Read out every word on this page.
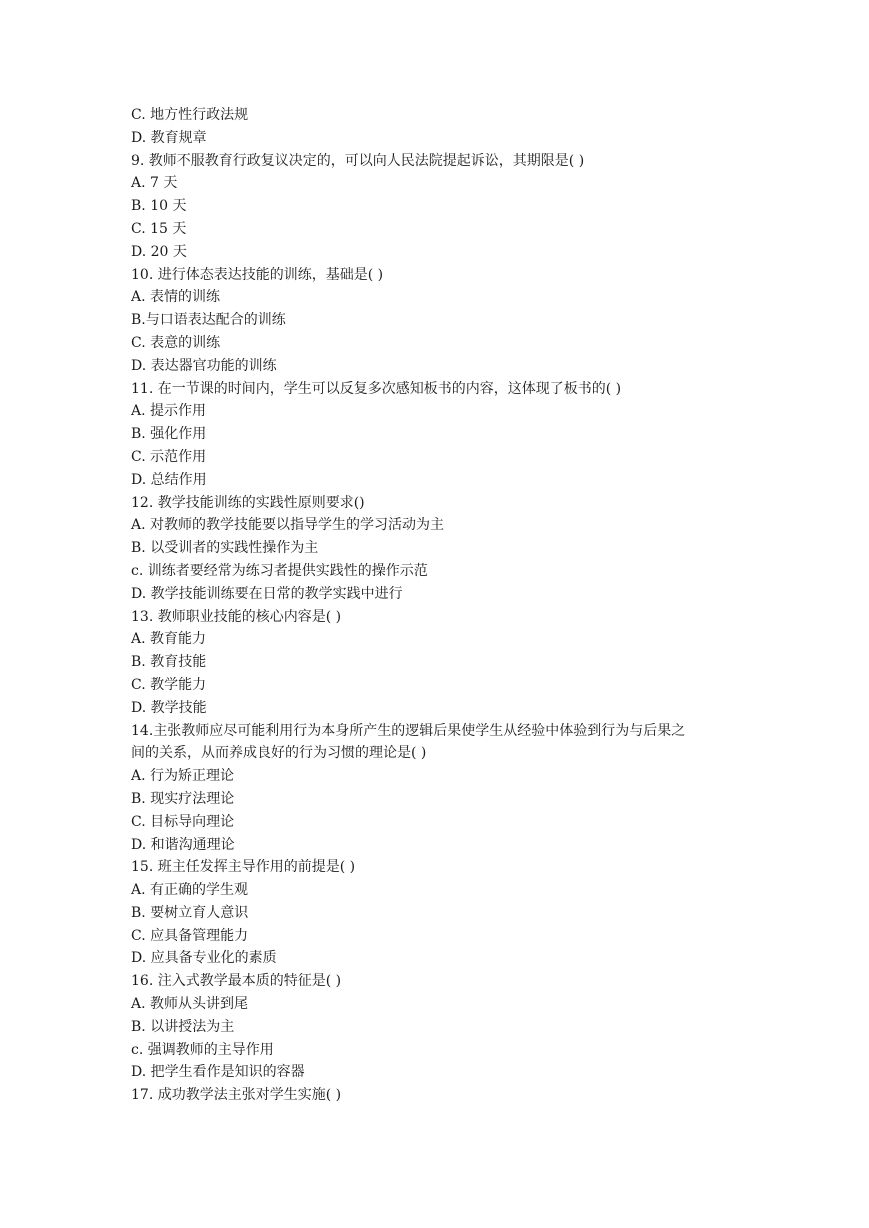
C. 地方性行政法规
D. 教育规章
9. 教师不服教育行政复议决定的，可以向人民法院提起诉讼，其期限是( )
A. 7 天
B. 10 天
C. 15 天
D. 20 天
10. 进行体态表达技能的训练，基础是( )
A. 表情的训练
B.与口语表达配合的训练
C. 表意的训练
D. 表达器官功能的训练
11. 在一节课的时间内，学生可以反复多次感知板书的内容，这体现了板书的( )
A. 提示作用
B. 强化作用
C. 示范作用
D. 总结作用
12. 教学技能训练的实践性原则要求()
A. 对教师的教学技能要以指导学生的学习活动为主
B. 以受训者的实践性操作为主
c. 训练者要经常为练习者提供实践性的操作示范
D. 教学技能训练要在日常的教学实践中进行
13. 教师职业技能的核心内容是( )
A. 教育能力
B. 教育技能
C. 教学能力
D. 教学技能
14.主张教师应尽可能利用行为本身所产生的逻辑后果使学生从经验中体验到行为与后果之
间的关系，从而养成良好的行为习惯的理论是( )
A. 行为矫正理论
B. 现实疗法理论
C. 目标导向理论
D. 和谐沟通理论
15. 班主任发挥主导作用的前提是( )
A. 有正确的学生观
B. 要树立育人意识
C. 应具备管理能力
D. 应具备专业化的素质
16. 注入式教学最本质的特征是( )
A. 教师从头讲到尾
B. 以讲授法为主
c. 强调教师的主导作用
D. 把学生看作是知识的容器
17. 成功教学法主张对学生实施( )
